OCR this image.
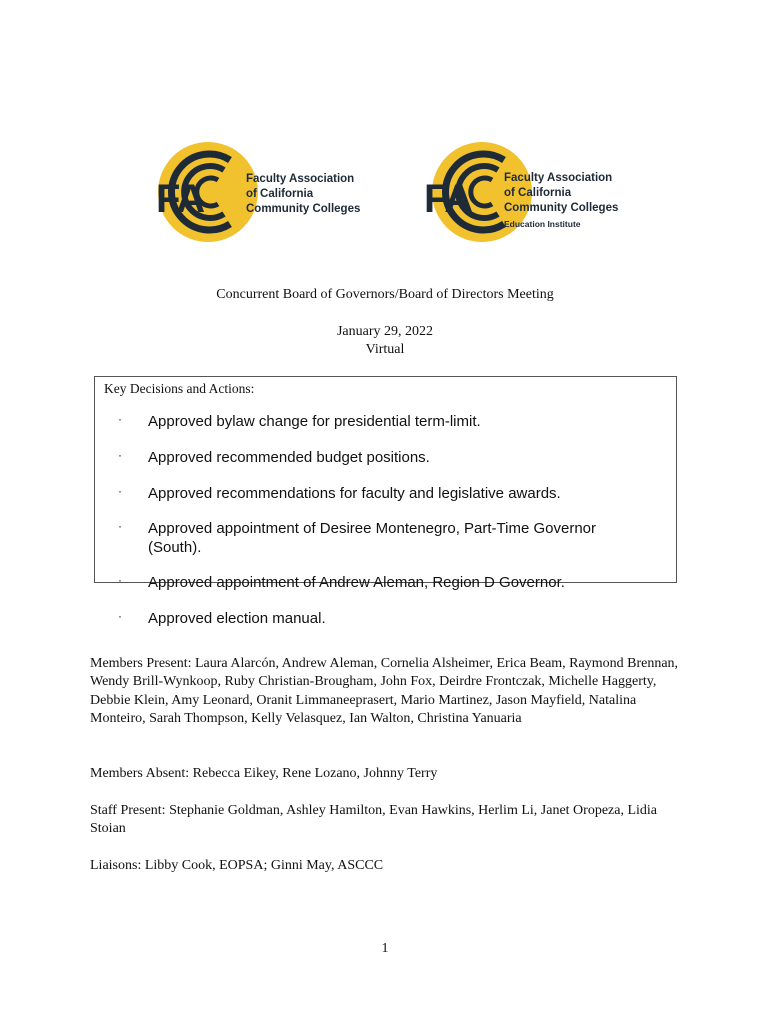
FA	Faculty Association
of California
Community Colleges FA	Faculty Association
of California
Community Colleges
Education Institute
Concurrent Board of Governors/Board of Directors Meeting
January 29, 2022
Virtual
Key Decisions and Actions:
· Approved bylaw change for presidential term-limit.
· Approved recommended budget positions.
· Approved recommendations for faculty and legislative awards.
· Approved appointment of Desiree Montenegro, Part-Time Governor (South).
· Approved appointment of Andrew Aleman, Region D Governor.
· Approved election manual.
Members Present: Laura Alarcón, Andrew Aleman, Cornelia Alsheimer, Erica Beam, Raymond Brennan, Wendy Brill-Wynkoop, Ruby Christian-Brougham, John Fox, Deirdre Frontczak, Michelle Haggerty, Debbie Klein, Amy Leonard, Oranit Limmaneeprasert, Mario Martinez, Jason Mayfield, Natalina Monteiro, Sarah Thompson, Kelly Velasquez, Ian Walton, Christina Yanuaria
Members Absent: Rebecca Eikey, Rene Lozano, Johnny Terry
Staff Present: Stephanie Goldman, Ashley Hamilton, Evan Hawkins, Herlim Li, Janet Oropeza, Lidia Stoian
Liaisons: Libby Cook, EOPSA; Ginni May, ASCCC
1
